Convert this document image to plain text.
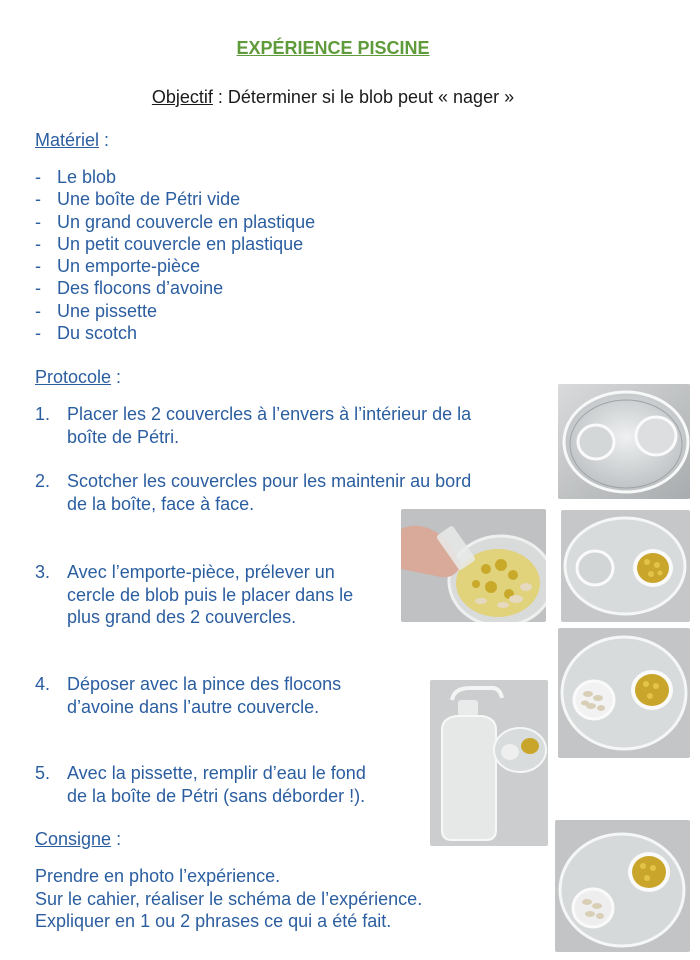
EXPÉRIENCE PISCINE
Objectif : Déterminer si le blob peut « nager »
Matériel :
- Le blob
- Une boîte de Pétri vide
- Un grand couvercle en plastique
- Un petit couvercle en plastique
- Un emporte-pièce
- Des flocons d’avoine
- Une pissette
- Du scotch
Protocole :
1. Placer les 2 couvercles à l’envers à l’intérieur de la
boîte de Pétri.
2. Scotcher les couvercles pour les maintenir au bord
de la boîte, face à face.
3. Avec l’emporte-pièce, prélever un
cercle de blob puis le placer dans le
plus grand des 2 couvercles.
4. Déposer avec la pince des flocons
d’avoine dans l’autre couvercle.
5. Avec la pissette, remplir d’eau le fond
de la boîte de Pétri (sans déborder !).
Consigne :
Prendre en photo l’expérience.
Sur le cahier, réaliser le schéma de l’expérience.
Expliquer en 1 ou 2 phrases ce qui a été fait.
